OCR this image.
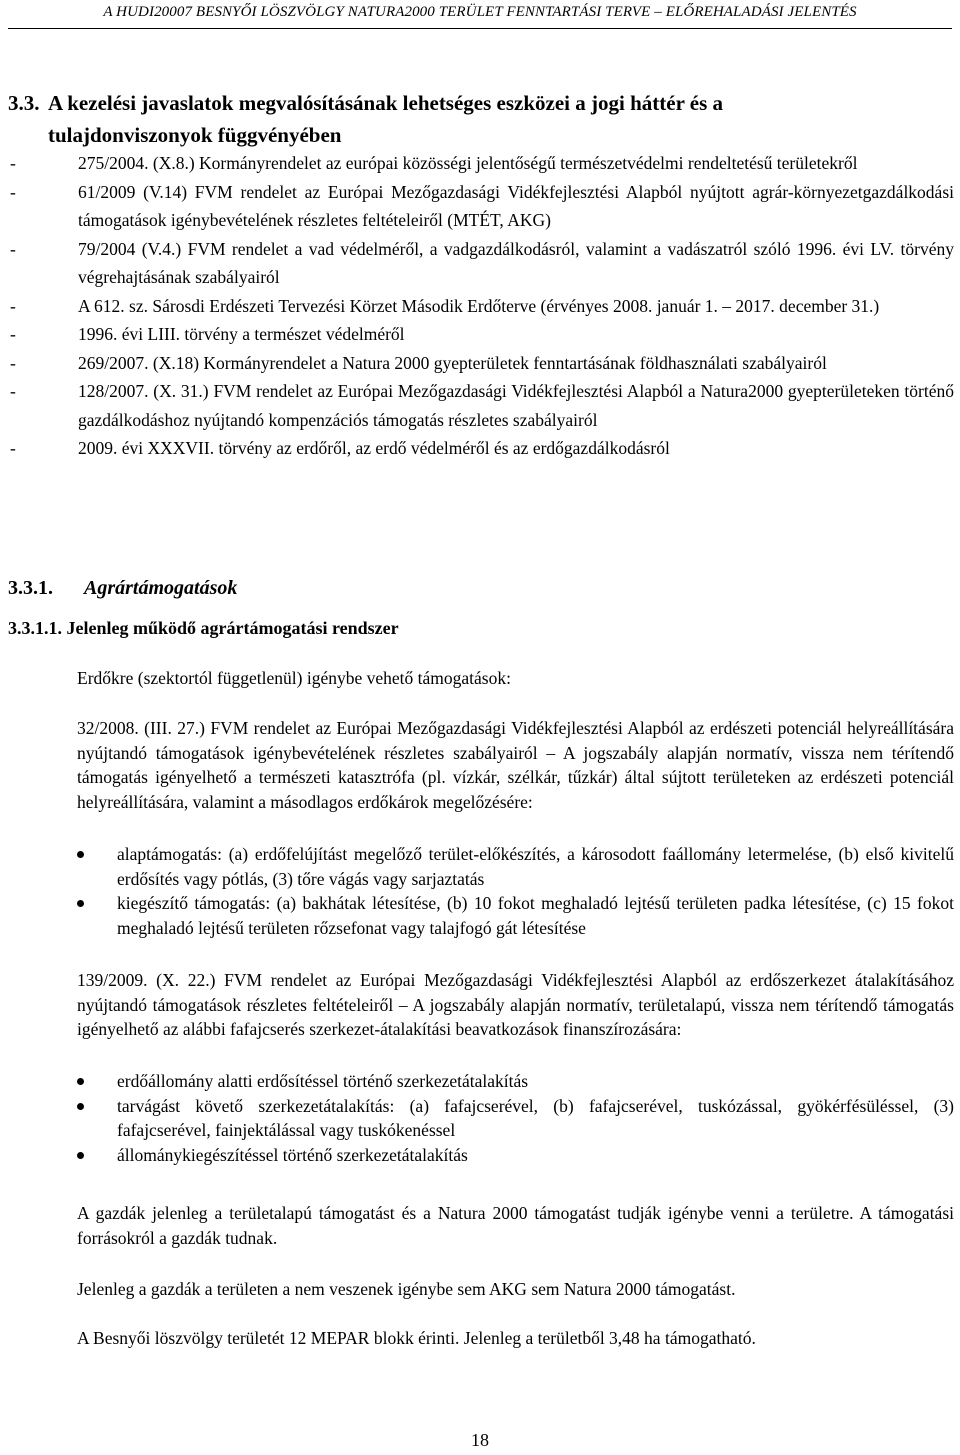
A HUDI20007 BESNYŐI LÖSZVÖLGY NATURA2000 TERÜLET FENNTARTÁSI TERVE – ELŐREHALADÁSI JELENTÉS
3.3. A kezelési javaslatok megvalósításának lehetséges eszközei a jogi háttér és a
tulajdonviszonyok függvényében
-	275/2004. (X.8.) Kormányrendelet az európai közösségi jelentőségű természetvédelmi rendeltetésű területekről
-	61/2009 (V.14) FVM rendelet az Európai Mezőgazdasági Vidékfejlesztési Alapból nyújtott agrár-környezetgazdálkodási támogatások igénybevételének részletes feltételeiről (MTÉT, AKG)
-	79/2004 (V.4.) FVM rendelet a vad védelméről, a vadgazdálkodásról, valamint a vadászatról szóló 1996. évi LV. törvény végrehajtásának szabályairól
-	A 612. sz. Sárosdi Erdészeti Tervezési Körzet Második Erdőterve (érvényes 2008. január 1. – 2017. december 31.)
-	1996. évi LIII. törvény a természet védelméről
-	269/2007. (X.18) Kormányrendelet a Natura 2000 gyepterületek fenntartásának földhasználati szabályairól
-	128/2007. (X. 31.) FVM rendelet az Európai Mezőgazdasági Vidékfejlesztési Alapból a Natura2000 gyepterületeken történő gazdálkodáshoz nyújtandó kompenzációs támogatás részletes szabályairól
-	2009. évi XXXVII. törvény az erdőről, az erdő védelméről és az erdőgazdálkodásról
3.3.1. Agrártámogatások
3.3.1.1. Jelenleg működő agrártámogatási rendszer
Erdőkre (szektortól függetlenül) igénybe vehető támogatások:
32/2008. (III. 27.) FVM rendelet az Európai Mezőgazdasági Vidékfejlesztési Alapból az erdészeti potenciál helyreállítására nyújtandó támogatások igénybevételének részletes szabályairól – A jogszabály alapján normatív, vissza nem térítendő támogatás igényelhető a természeti katasztrófa (pl. vízkár, szélkár, tűzkár) által sújtott területeken az erdészeti potenciál helyreállítására, valamint a másodlagos erdőkárok megelőzésére:
alaptámogatás: (a) erdőfelújítást megelőző terület-előkészítés, a károsodott faállomány letermelése, (b) első kivitelű erdősítés vagy pótlás, (3) tőre vágás vagy sarjaztatás
kiegészítő támogatás: (a) bakhátak létesítése, (b) 10 fokot meghaladó lejtésű területen padka létesítése, (c) 15 fokot meghaladó lejtésű területen rőzsefonat vagy talajfogó gát létesítése
139/2009. (X. 22.) FVM rendelet az Európai Mezőgazdasági Vidékfejlesztési Alapból az erdőszerkezet átalakításához nyújtandó támogatások részletes feltételeiről – A jogszabály alapján normatív, területalapú, vissza nem térítendő támogatás igényelhető az alábbi fafajcserés szerkezet-átalakítási beavatkozások finanszírozására:
erdőállomány alatti erdősítéssel történő szerkezetátalakítás
tarvágást követő szerkezetátalakítás: (a) fafajcserével, (b) fafajcserével, tuskózással, gyökérfésüléssel, (3) fafajcserével, fainjektálással vagy tuskókenéssel
állománykiegészítéssel történő szerkezetátalakítás
A gazdák jelenleg a területalapú támogatást és a Natura 2000 támogatást tudják igénybe venni a területre. A támogatási forrásokról a gazdák tudnak.
Jelenleg a gazdák a területen a nem veszenek igénybe sem AKG sem Natura 2000 támogatást.
A Besnyői löszvölgy területét 12 MEPAR blokk érinti. Jelenleg a területből 3,48 ha támogatható.
18
